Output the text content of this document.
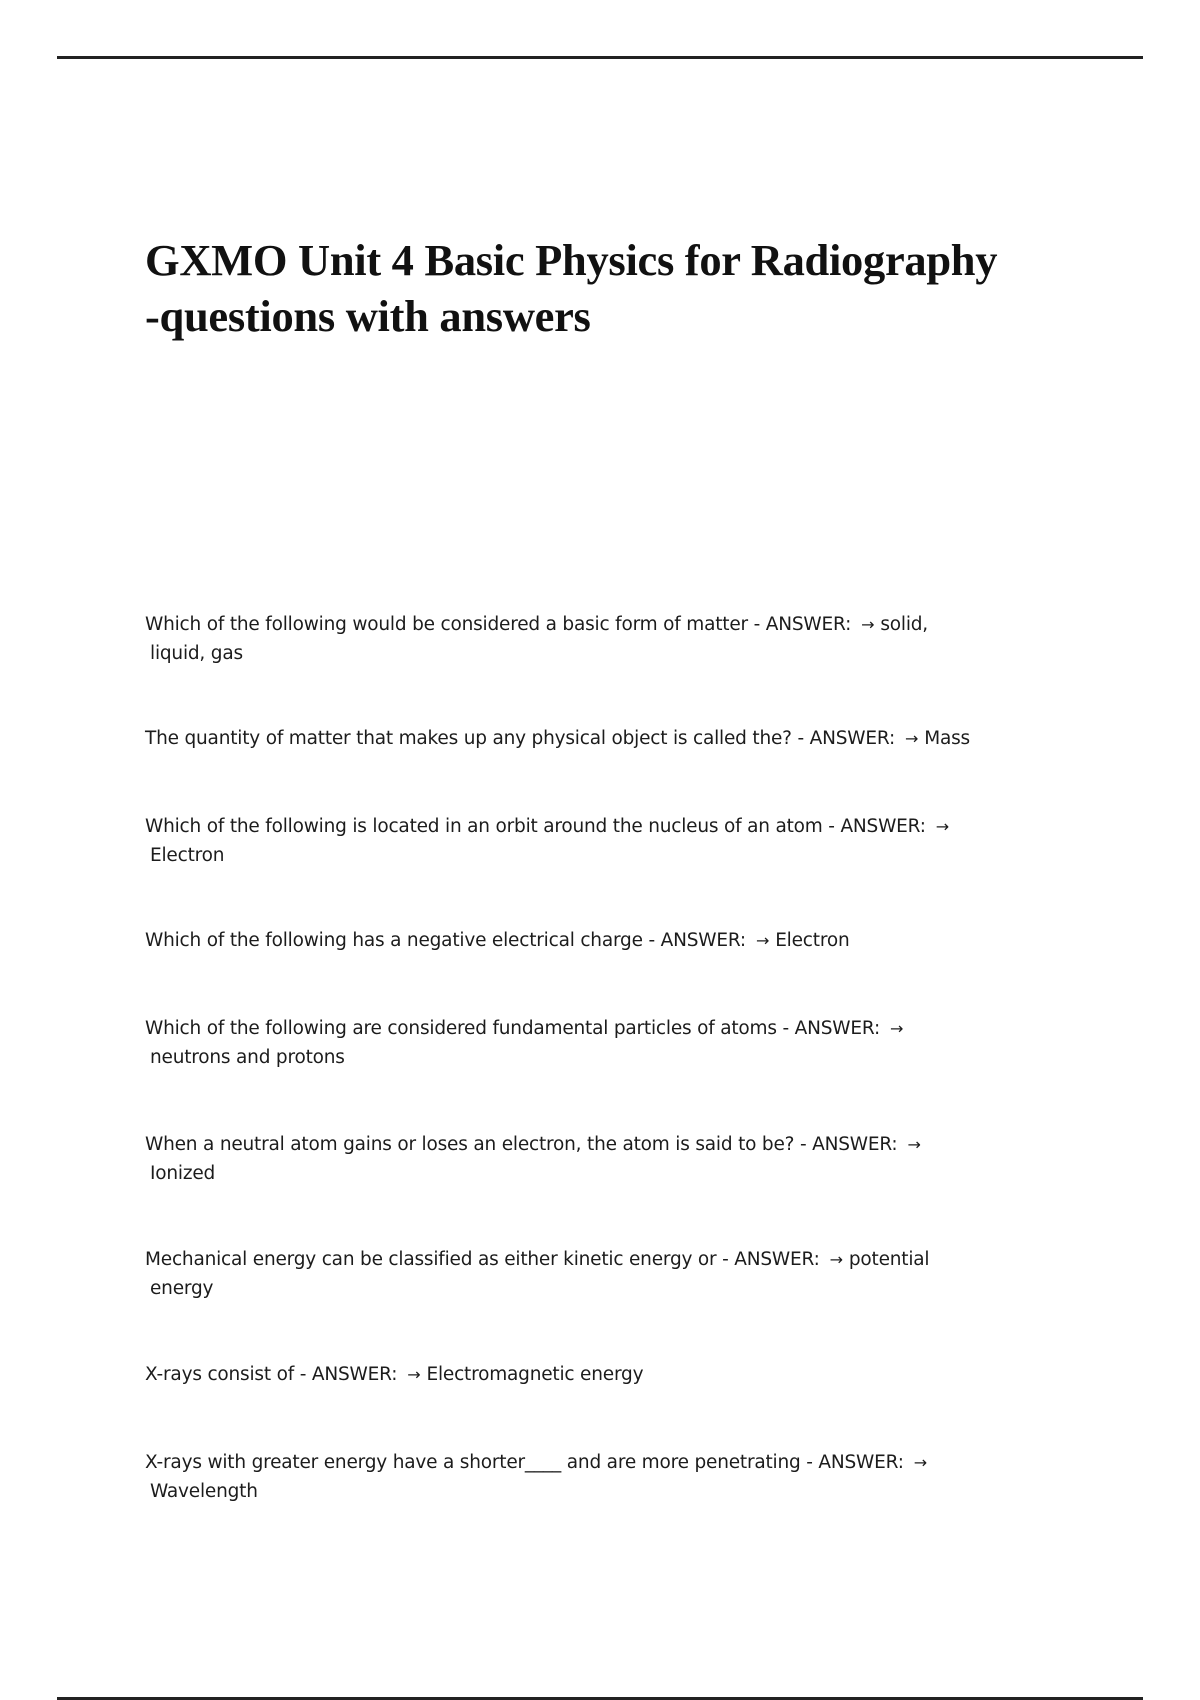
GXMO Unit 4 Basic Physics for Radiography
-questions with answers

Which of the following would be considered a basic form of matter - ANSWER: → solid,
liquid, gas

The quantity of matter that makes up any physical object is called the? - ANSWER: → Mass

Which of the following is located in an orbit around the nucleus of an atom - ANSWER: →
Electron

Which of the following has a negative electrical charge - ANSWER: → Electron

Which of the following are considered fundamental particles of atoms - ANSWER: →
neutrons and protons

When a neutral atom gains or loses an electron, the atom is said to be? - ANSWER: →
Ionized

Mechanical energy can be classified as either kinetic energy or - ANSWER: → potential
energy

X-rays consist of - ANSWER: → Electromagnetic energy

X-rays with greater energy have a shorter____ and are more penetrating - ANSWER: →
Wavelength
